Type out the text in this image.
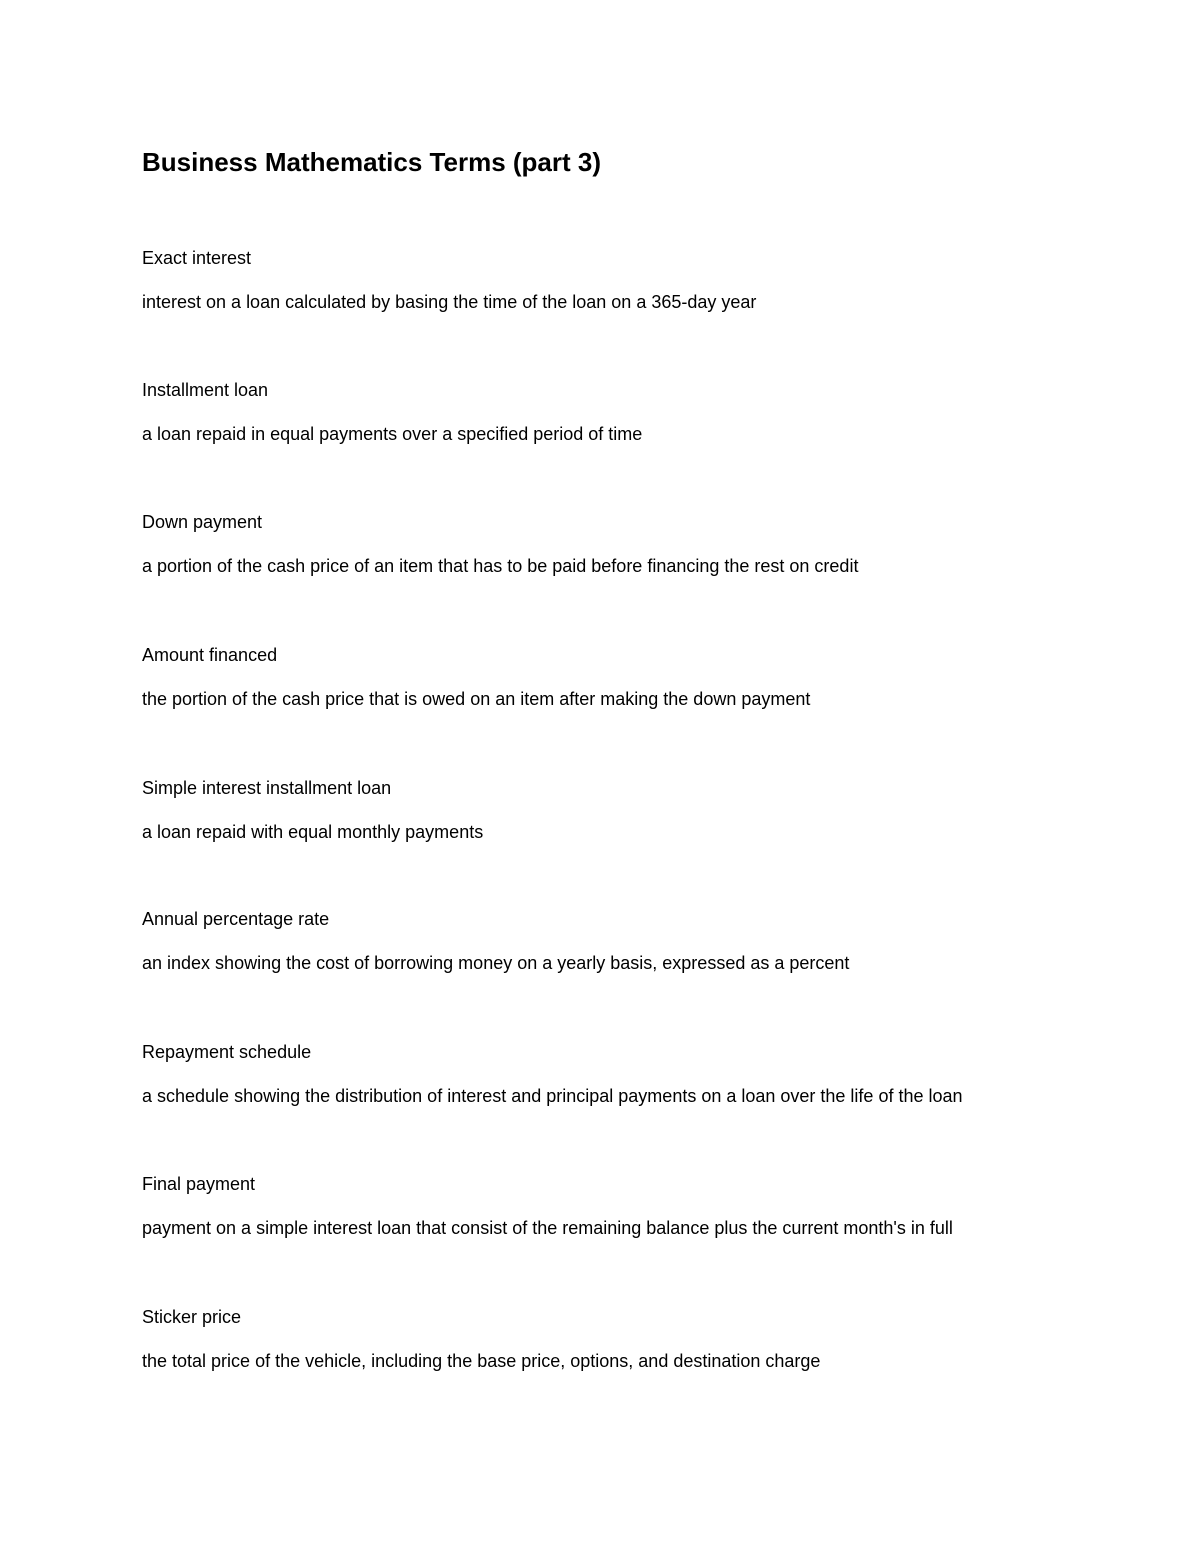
Business Mathematics Terms (part 3)

Exact interest

interest on a loan calculated by basing the time of the loan on a 365-day year

Installment loan

a loan repaid in equal payments over a specified period of time

Down payment

a portion of the cash price of an item that has to be paid before financing the rest on credit

Amount financed

the portion of the cash price that is owed on an item after making the down payment

Simple interest installment loan

a loan repaid with equal monthly payments

Annual percentage rate

an index showing the cost of borrowing money on a yearly basis, expressed as a percent

Repayment schedule

a schedule showing the distribution of interest and principal payments on a loan over the life of the loan

Final payment

payment on a simple interest loan that consist of the remaining balance plus the current month's in full

Sticker price

the total price of the vehicle, including the base price, options, and destination charge
